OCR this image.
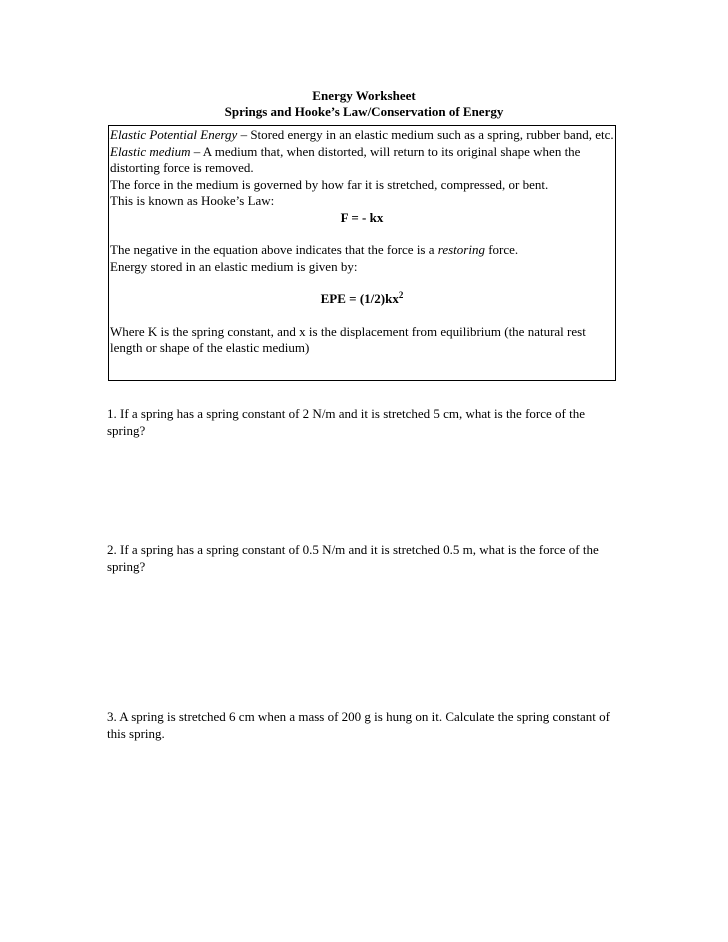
Energy Worksheet
Springs and Hooke’s Law/Conservation of Energy

Elastic Potential Energy – Stored energy in an elastic medium such as a spring, rubber band, etc.

Elastic medium – A medium that, when distorted, will return to its original shape when the distorting force is removed.

The force in the medium is governed by how far it is stretched, compressed, or bent.

This is known as Hooke’s Law:

F = - kx

The negative in the equation above indicates that the force is a restoring force.

Energy stored in an elastic medium is given by:

EPE = $(1/2)kx^2$

Where K is the spring constant, and x is the displacement from equilibrium (the natural rest length or shape of the elastic medium)

1. If a spring has a spring constant of 2 N/m and it is stretched 5 cm, what is the force of the spring?

2. If a spring has a spring constant of 0.5 N/m and it is stretched 0.5 m, what is the force of the spring?

3. A spring is stretched 6 cm when a mass of 200 g is hung on it. Calculate the spring constant of this spring.
